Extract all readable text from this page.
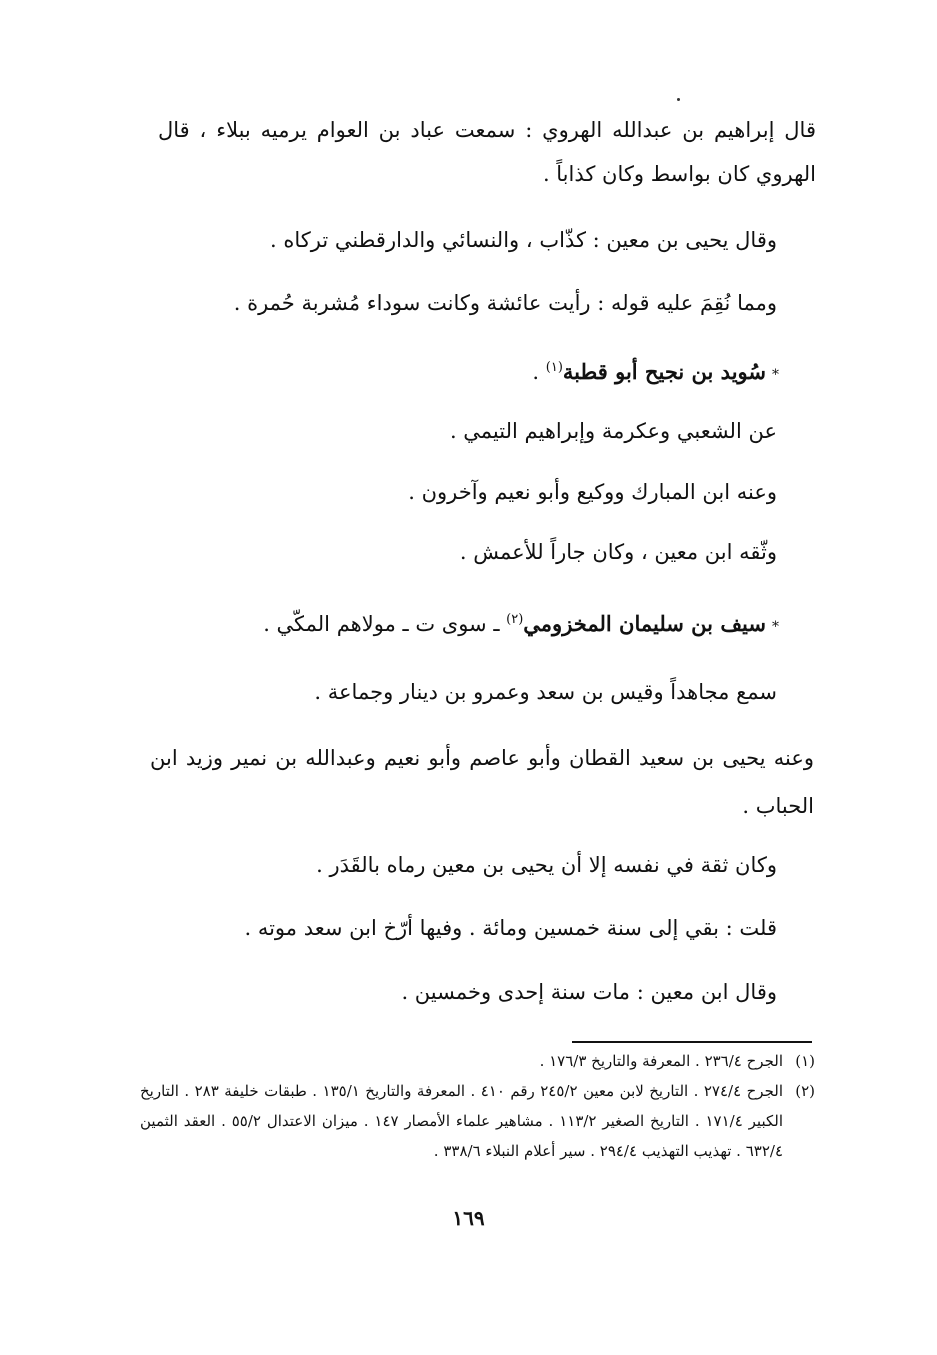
قال إبراهيم بن عبدالله الهروي : سمعت عباد بن العوام يرميه ببلاء ، قال الهروي كان بواسط وكان كذاباً .
وقال يحيى بن معين : كذّاب ، والنسائي والدارقطني تركاه .
ومما نُقِمَ عليه قوله : رأيت عائشة وكانت سوداء مُشربة حُمرة .
*سُويد بن نجيح أبو قطبة$^{(١)}$ .
عن الشعبي وعكرمة وإبراهيم التيمي .
وعنه ابن المبارك ووكيع وأبو نعيم وآخرون .
وثّقه ابن معين ، وكان جاراً للأعمش .
*سيف بن سليمان المخزومي$^{(٢)}$ ـ سوى ت ـ مولاهم المكّي .
سمع مجاهداً وقيس بن سعد وعمرو بن دينار وجماعة .
وعنه يحيى بن سعيد القطان وأبو عاصم وأبو نعيم وعبدالله بن نمير وزيد ابن الحباب .
وكان ثقة في نفسه إلا أن يحيى بن معين رماه بالقَدَر .
قلت : بقي إلى سنة خمسين ومائة . وفيها أرّخ ابن سعد موته .
وقال ابن معين : مات سنة إحدى وخمسين .
(١)
الجرح ٢٣٦/٤ . المعرفة والتاريخ ١٧٦/٣ .
(٢)
الجرح ٢٧٤/٤ . التاريخ لابن معين ٢٤٥/٢ رقم ٤١٠ . المعرفة والتاريخ ١٣٥/١ . طبقات خليفة ٢٨٣ . التاريخ الكبير ١٧١/٤ . التاريخ الصغير ١١٣/٢ . مشاهير علماء الأمصار ١٤٧ . ميزان الاعتدال ٥٥/٢ . العقد الثمين ٦٣٢/٤ . تهذيب التهذيب ٢٩٤/٤ . سير أعلام النبلاء ٣٣٨/٦ .
١٦٩
